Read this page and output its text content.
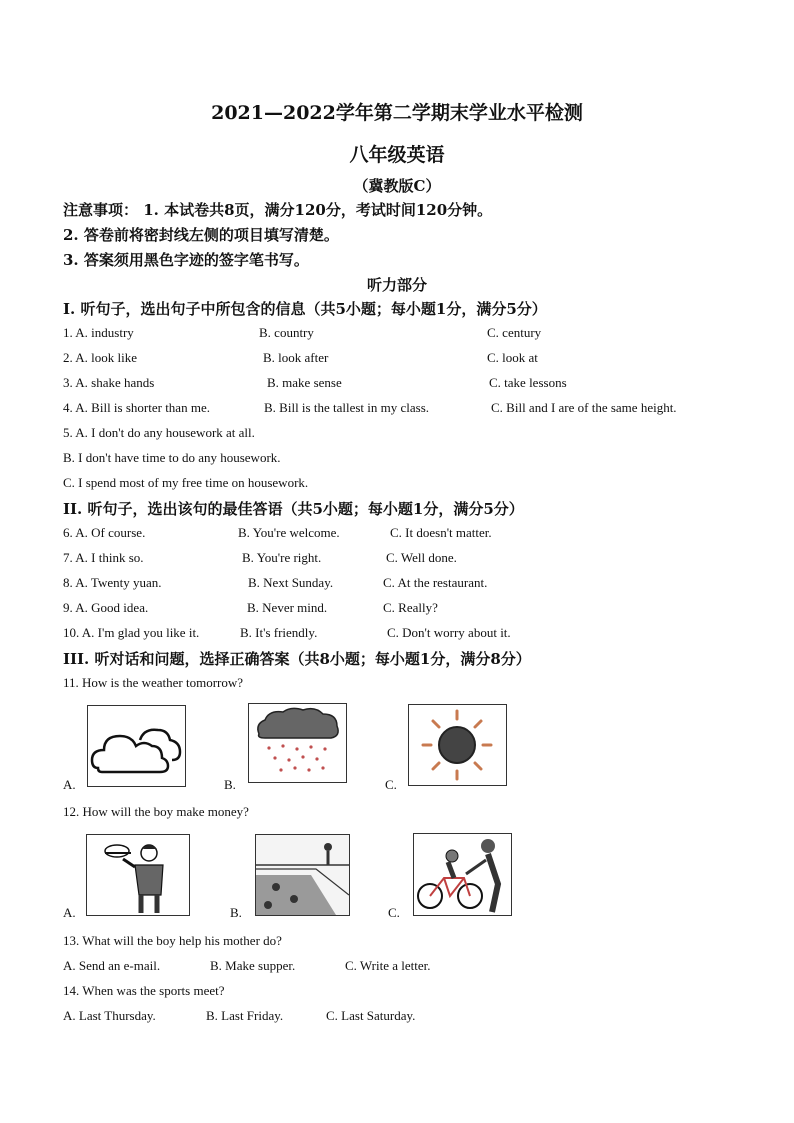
2021—2022学年第二学期末学业水平检测
八年级英语
（冀教版C）
注意事项： 1. 本试卷共8页，满分120分，考试时间120分钟。
2. 答卷前将密封线左侧的项目填写清楚。
3. 答案须用黑色字迹的签字笔书写。
听力部分
I. 听句子，选出句子中所包含的信息（共5小题；每小题1分，满分5分）
1. A. industry	B. country	C. century
2. A. look like	B. look after	C. look at
3. A. shake hands	B. make sense	C. take lessons
4. A. Bill is shorter than me.	B. Bill is the tallest in my class.	C. Bill and I are of the same height.
5. A. I don't do any housework at all.
B. I don't have time to do any housework.
C. I spend most of my free time on housework.
II. 听句子，选出该句的最佳答语（共5小题；每小题1分，满分5分）
6. A. Of course.	B. You're welcome.	C. It doesn't matter.
7. A. I think so.	B. You're right.	C. Well done.
8. A. Twenty yuan.	B. Next Sunday.	C. At the restaurant.
9. A. Good idea.	B. Never mind.	C. Really?
10. A. I'm glad you like it.	B. It's friendly.	C. Don't worry about it.
III. 听对话和问题，选择正确答案（共8小题；每小题1分，满分8分）
11. How is the weather tomorrow?
A.	B.	C.
12. How will the boy make money?
A.	B.	C.
13. What will the boy help his mother do?
A. Send an e-mail.	B. Make supper.	C. Write a letter.
14. When was the sports meet?
A. Last Thursday.	B. Last Friday.	C. Last Saturday.
